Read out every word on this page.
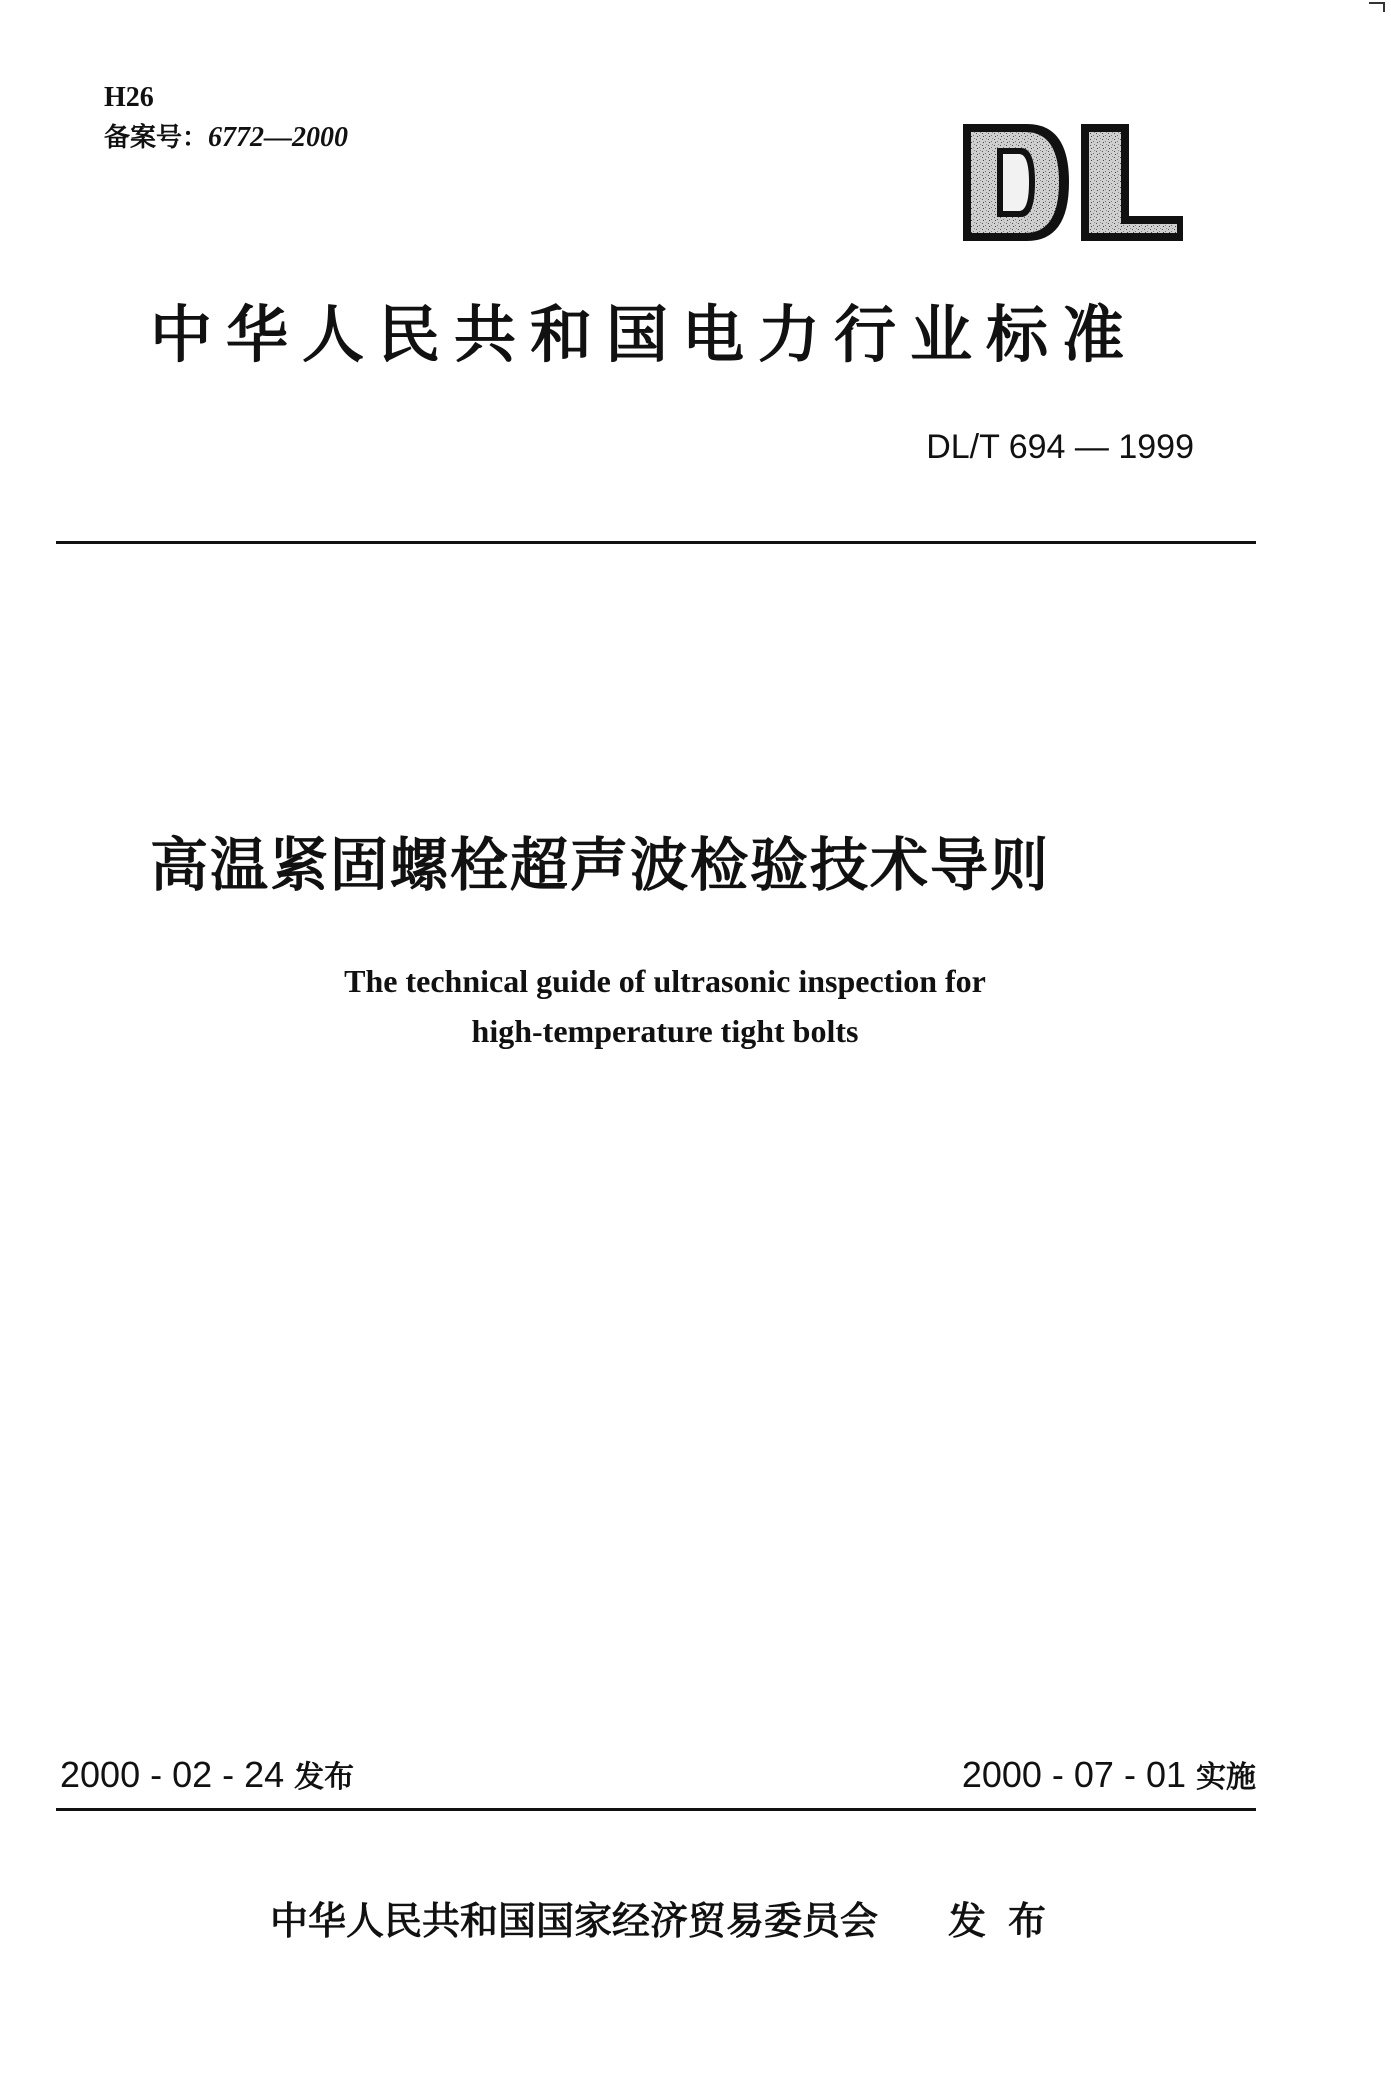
H26
备案号：6772—2000
DL
中华人民共和国电力行业标准
DL/T 694 — 1999
高温紧固螺栓超声波检验技术导则
The technical guide of ultrasonic inspection for
high-temperature tight bolts
2000 - 02 - 24 发布	2000 - 07 - 01 实施
中华人民共和国国家经济贸易委员会 发布
